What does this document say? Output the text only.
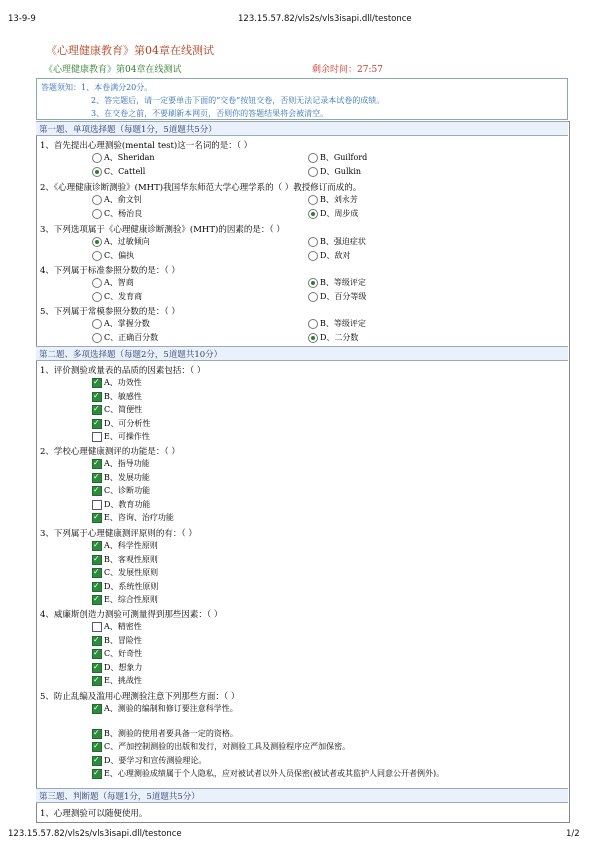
13-9-9	123.15.57.82/vls2s/vls3isapi.dll/testonce
《心理健康教育》第04章在线测试
《心理健康教育》第04章在线测试	剩余时间：27:57
答题须知：1、本卷满分20分。
2、答完题后，请一定要单击下面的“交卷”按钮交卷，否则无法记录本试卷的成绩。
3、在交卷之前，不要刷新本网页，否则你的答题结果将会被清空。
第一题、单项选择题（每题1分，5道题共5分）
1、首先提出心理测验(mental test)这一名词的是：（ ）
A、Sheridan	B、Guilford
C、Cattell	D、Gulkin
2、《心理健康诊断测验》(MHT)我国华东师范大学心理学系的（ ）教授修订而成的。
A、俞文钊	B、刘永芳
C、杨治良	D、周步成
3、下列选项属于《心理健康诊断测验》(MHT)的因素的是：（ ）
A、过敏倾向	B、强迫症状
C、偏执	D、敌对
4、下列属于标准参照分数的是：（ ）
A、智商	B、等级评定
C、发育商	D、百分等级
5、下列属于常模参照分数的是：（ ）
A、掌握分数	B、等级评定
C、正确百分数	D、二分数
第二题、多项选择题（每题2分，5道题共10分）
1、评价测验或量表的品质的因素包括：（ ）
✓A、功效性
✓B、敏感性
✓C、简便性
✓D、可分析性
E、可操作性
2、学校心理健康测评的功能是：（ ）
✓A、指导功能
✓B、发展功能
✓C、诊断功能
D、教育功能
✓E、咨询、治疗功能
3、下列属于心理健康测评原则的有：（ ）
✓A、科学性原则
✓B、客观性原则
✓C、发展性原则
✓D、系统性原则
✓E、综合性原则
4、威廉斯创造力测验可测量得到那些因素：（ ）
A、精密性
✓B、冒险性
✓C、好奇性
✓D、想象力
✓E、挑战性
5、防止乱编及滥用心理测验注意下列那些方面：（ ）
✓A、测验的编制和修订要注意科学性。
✓B、测验的使用者要具备一定的资格。
✓C、严加控制测验的出版和发行，对测验工具及测验程序应严加保密。
✓D、要学习和宣传测验理论。
✓E、心理测验成绩属于个人隐私，应对被试者以外人员保密(被试者或其监护人同意公开者例外)。
第三题、判断题（每题1分，5道题共5分）
1、心理测验可以随便使用。
123.15.57.82/vls2s/vls3isapi.dll/testonce	1/2
